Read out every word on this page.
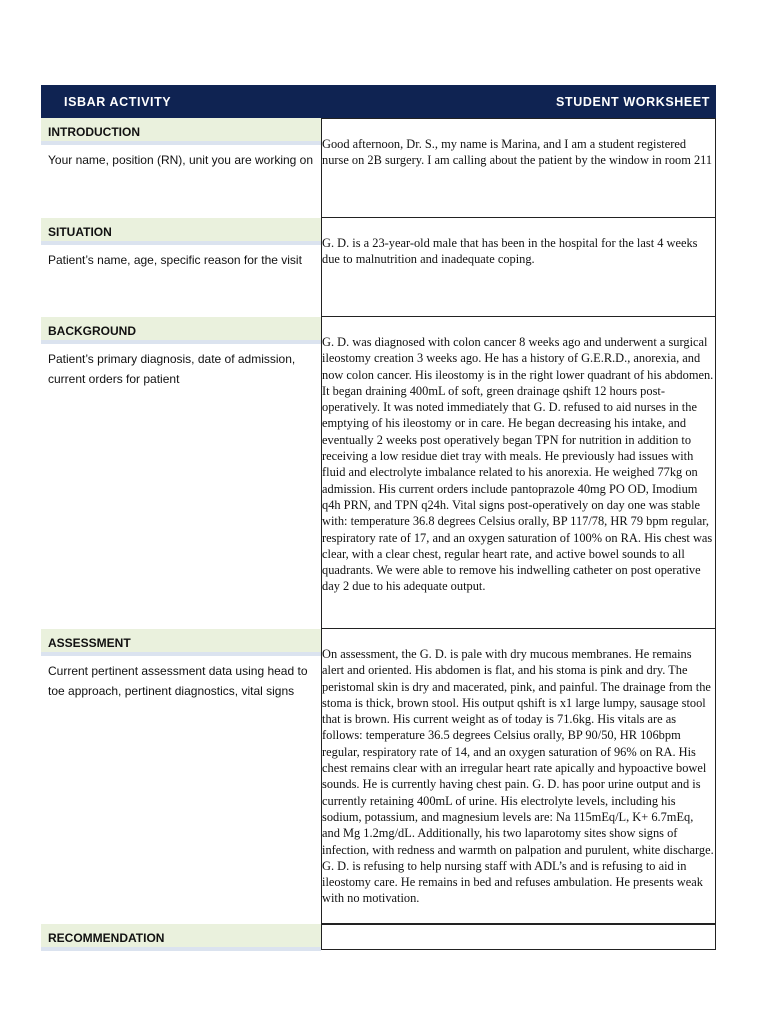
ISBAR ACTIVITY	STUDENT WORKSHEET
INTRODUCTION
Your name, position (RN), unit you are working on

Good afternoon, Dr. S., my name is Marina, and I am a student registered nurse on 2B surgery. I am calling about the patient by the window in room 211

SITUATION
Patient’s name, age, specific reason for the visit

G. D. is a 23-year-old male that has been in the hospital for the last 4 weeks due to malnutrition and inadequate coping.

BACKGROUND
Patient’s primary diagnosis, date of admission, current orders for patient

G. D. was diagnosed with colon cancer 8 weeks ago and underwent a surgical ileostomy creation 3 weeks ago. He has a history of G.E.R.D., anorexia, and now colon cancer. His ileostomy is in the right lower quadrant of his abdomen. It began draining 400mL of soft, green drainage qshift 12 hours post-operatively. It was noted immediately that G. D. refused to aid nurses in the emptying of his ileostomy or in care. He began decreasing his intake, and eventually 2 weeks post operatively began TPN for nutrition in addition to receiving a low residue diet tray with meals. He previously had issues with fluid and electrolyte imbalance related to his anorexia. He weighed 77kg on admission. His current orders include pantoprazole 40mg PO OD, Imodium q4h PRN, and TPN q24h. Vital signs post-operatively on day one was stable with: temperature 36.8 degrees Celsius orally, BP 117/78, HR 79 bpm regular, respiratory rate of 17, and an oxygen saturation of 100% on RA. His chest was clear, with a clear chest, regular heart rate, and active bowel sounds to all quadrants. We were able to remove his indwelling catheter on post operative day 2 due to his adequate output.

ASSESSMENT
Current pertinent assessment data using head to toe approach, pertinent diagnostics, vital signs

On assessment, the G. D. is pale with dry mucous membranes. He remains alert and oriented. His abdomen is flat, and his stoma is pink and dry. The peristomal skin is dry and macerated, pink, and painful. The drainage from the stoma is thick, brown stool. His output qshift is x1 large lumpy, sausage stool that is brown. His current weight as of today is 71.6kg. His vitals are as follows: temperature 36.5 degrees Celsius orally, BP 90/50, HR 106bpm regular, respiratory rate of 14, and an oxygen saturation of 96% on RA. His chest remains clear with an irregular heart rate apically and hypoactive bowel sounds. He is currently having chest pain. G. D. has poor urine output and is currently retaining 400mL of urine. His electrolyte levels, including his sodium, potassium, and magnesium levels are: Na 115mEq/L, K+ 6.7mEq, and Mg 1.2mg/dL. Additionally, his two laparotomy sites show signs of infection, with redness and warmth on palpation and purulent, white discharge. G. D. is refusing to help nursing staff with ADL’s and is refusing to aid in ileostomy care. He remains in bed and refuses ambulation. He presents weak with no motivation.

RECOMMENDATION
